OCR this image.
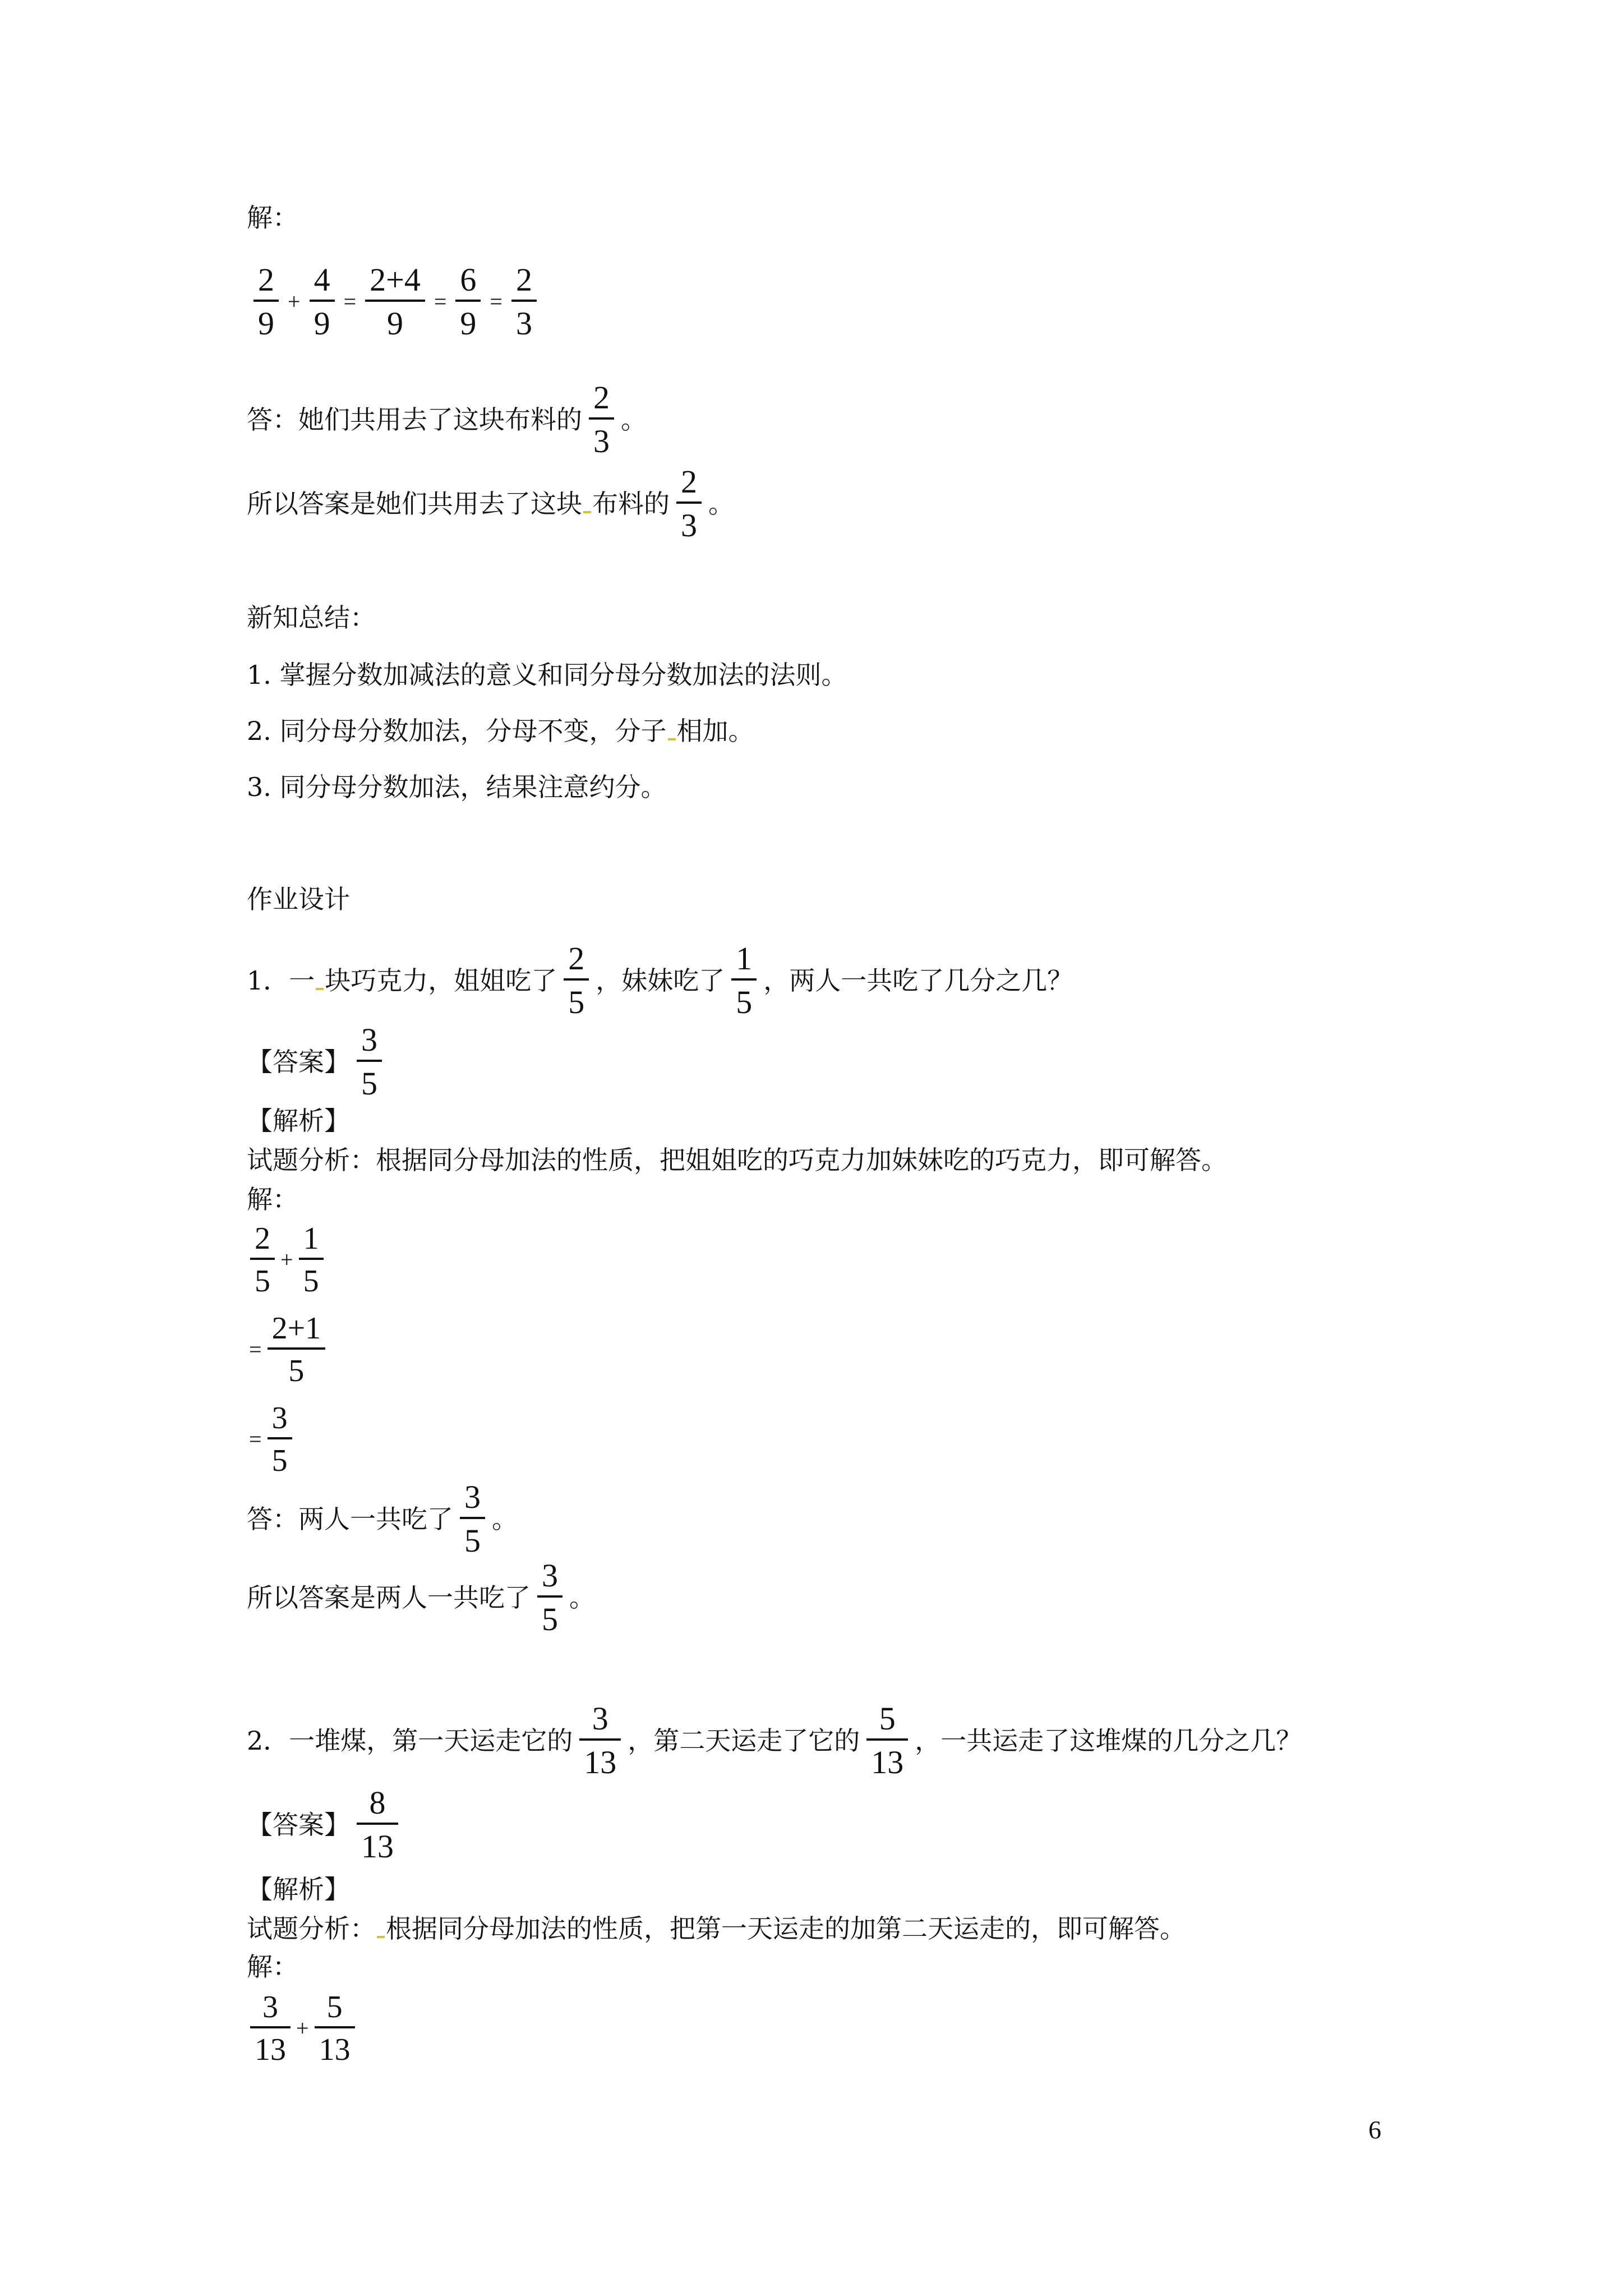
解：
$\frac{2}{9} + \frac{4}{9} = \frac{2+4}{9} = \frac{6}{9} = \frac{2}{3}$
答：她们共用去了这块布料的 $\frac{2}{3}$ 。
所以答案是她们共用去了这块 布料的 $\frac{2}{3}$ 。
新知总结：
1. 掌握分数加减法的意义和同分母分数加法的法则。
2. 同分母分数加法，分母不变，分子 相加。
3. 同分母分数加法，结果注意约分。
作业设计
1．一 块巧克力，姐姐吃了 $\frac{2}{5}$ ，妹妹吃了 $\frac{1}{5}$ ，两人一共吃了几分之几？
【答案】 $\frac{3}{5}$
【解析】
试题分析：根据同分母加法的性质，把姐姐吃的巧克力加妹妹吃的巧克力，即可解答。
解：
$\frac{2}{5} + \frac{1}{5}$
= $\frac{2+1}{5}$
= $\frac{3}{5}$
答：两人一共吃了 $\frac{3}{5}$ 。
所以答案是两人一共吃了 $\frac{3}{5}$ 。
2．一堆煤，第一天运走它的 $\frac{3}{13}$ ，第二天运走了它的 $\frac{5}{13}$ ，一共运走了这堆煤的几分之几？
【答案】 $\frac{8}{13}$
【解析】
试题分析： 根据同分母加法的性质，把第一天运走的加第二天运走的，即可解答。
解：
$\frac{3}{13} + \frac{5}{13}$
6
